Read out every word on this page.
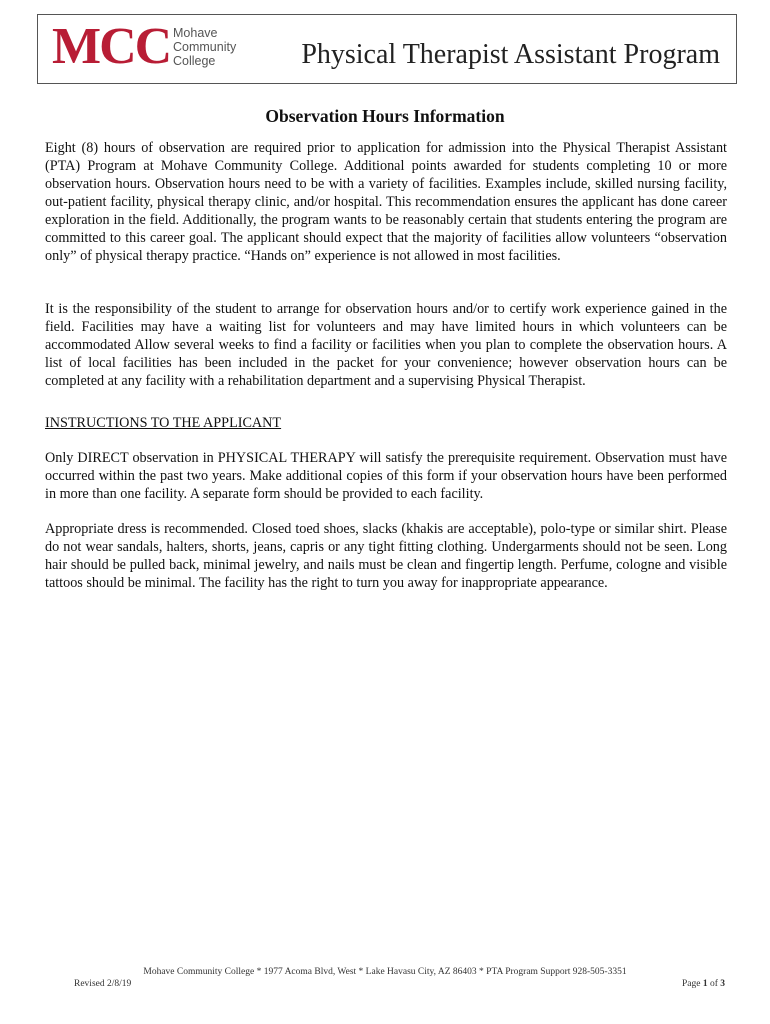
MCC Mohave
Community
College	Physical Therapist Assistant Program
Observation Hours Information

Eight (8) hours of observation are required prior to application for admission into the Physical Therapist Assistant (PTA) Program at Mohave Community College. Additional points awarded for students completing 10 or more observation hours. Observation hours need to be with a variety of facilities. Examples include, skilled nursing facility, out-patient facility, physical therapy clinic, and/or hospital. This recommendation ensures the applicant has done career exploration in the field. Additionally, the program wants to be reasonably certain that students entering the program are committed to this career goal. The applicant should expect that the majority of facilities allow volunteers “observation only” of physical therapy practice. “Hands on” experience is not allowed in most facilities.

It is the responsibility of the student to arrange for observation hours and/or to certify work experience gained in the field. Facilities may have a waiting list for volunteers and may have limited hours in which volunteers can be accommodated Allow several weeks to find a facility or facilities when you plan to complete the observation hours. A list of local facilities has been included in the packet for your convenience; however observation hours can be completed at any facility with a rehabilitation department and a supervising Physical Therapist.

INSTRUCTIONS TO THE APPLICANT

Only DIRECT observation in PHYSICAL THERAPY will satisfy the prerequisite requirement. Observation must have occurred within the past two years. Make additional copies of this form if your observation hours have been performed in more than one facility. A separate form should be provided to each facility.

Appropriate dress is recommended. Closed toed shoes, slacks (khakis are acceptable), polo-type or similar shirt. Please do not wear sandals, halters, shorts, jeans, capris or any tight fitting clothing. Undergarments should not be seen. Long hair should be pulled back, minimal jewelry, and nails must be clean and fingertip length. Perfume, cologne and visible tattoos should be minimal. The facility has the right to turn you away for inappropriate appearance.

Mohave Community College * 1977 Acoma Blvd, West * Lake Havasu City, AZ 86403 * PTA Program Support 928-505-3351
Revised 2/8/19	Page 1 of 3
